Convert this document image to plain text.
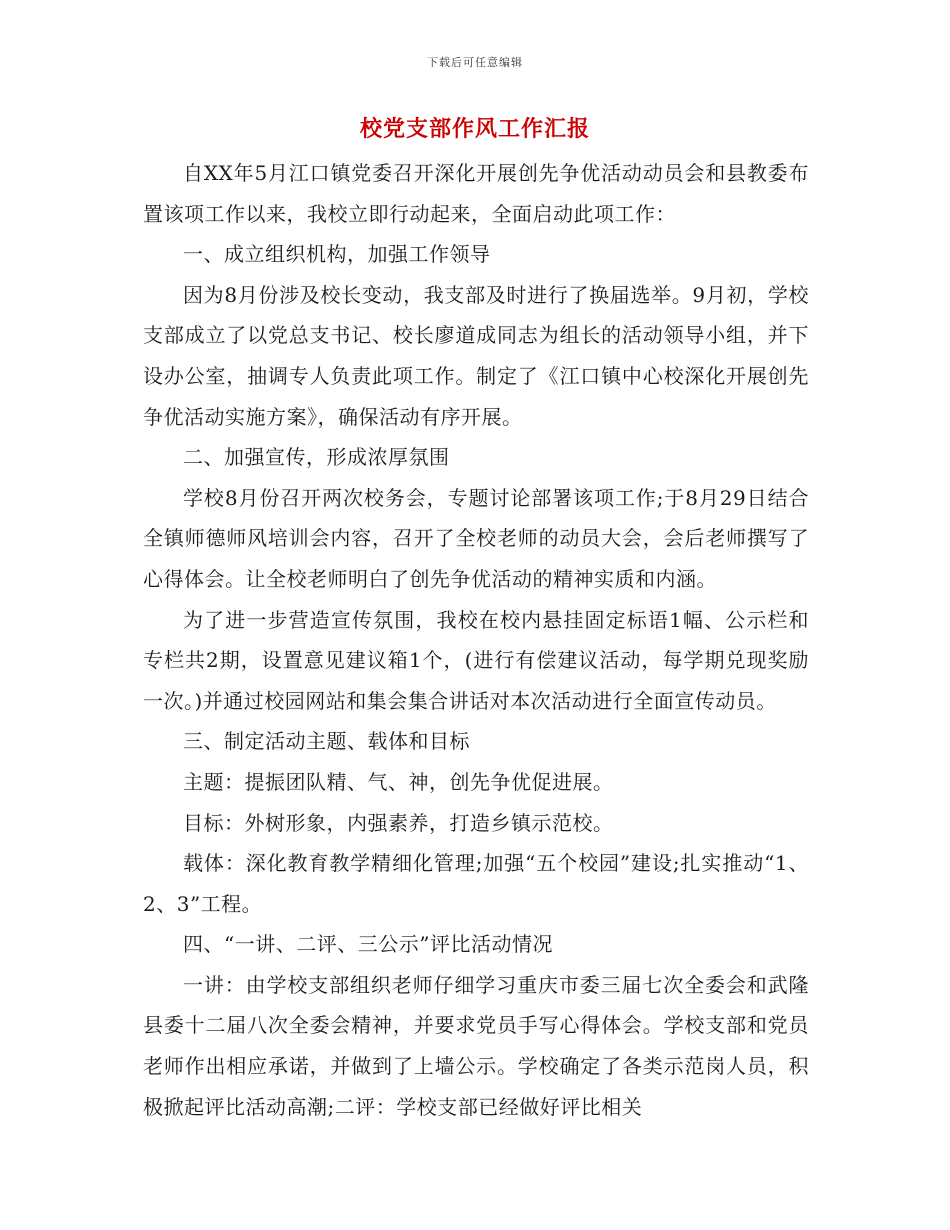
下载后可任意编辑
校党支部作风工作汇报

自XX年5月江口镇党委召开深化开展创先争优活动动员会和县教委布置该项工作以来，我校立即行动起来，全面启动此项工作：

一、成立组织机构，加强工作领导

因为8月份涉及校长变动，我支部及时进行了换届选举。9月初，学校支部成立了以党总支书记、校长廖道成同志为组长的活动领导小组，并下设办公室，抽调专人负责此项工作。制定了《江口镇中心校深化开展创先争优活动实施方案》，确保活动有序开展。

二、加强宣传，形成浓厚氛围

学校8月份召开两次校务会，专题讨论部署该项工作;于8月29日结合全镇师德师风培训会内容，召开了全校老师的动员大会，会后老师撰写了心得体会。让全校老师明白了创先争优活动的精神实质和内涵。

为了进一步营造宣传氛围，我校在校内悬挂固定标语1幅、公示栏和专栏共2期，设置意见建议箱1个，(进行有偿建议活动，每学期兑现奖励一次。)并通过校园网站和集会集合讲话对本次活动进行全面宣传动员。

三、制定活动主题、载体和目标

主题：提振团队精、气、神，创先争优促进展。

目标：外树形象，内强素养，打造乡镇示范校。

载体：深化教育教学精细化管理;加强“五个校园”建设;扎实推动“1、2、3”工程。

四、“一讲、二评、三公示”评比活动情况

一讲：由学校支部组织老师仔细学习重庆市委三届七次全委会和武隆县委十二届八次全委会精神，并要求党员手写心得体会。学校支部和党员老师作出相应承诺，并做到了上墙公示。学校确定了各类示范岗人员，积极掀起评比活动高潮;二评：学校支部已经做好评比相关
